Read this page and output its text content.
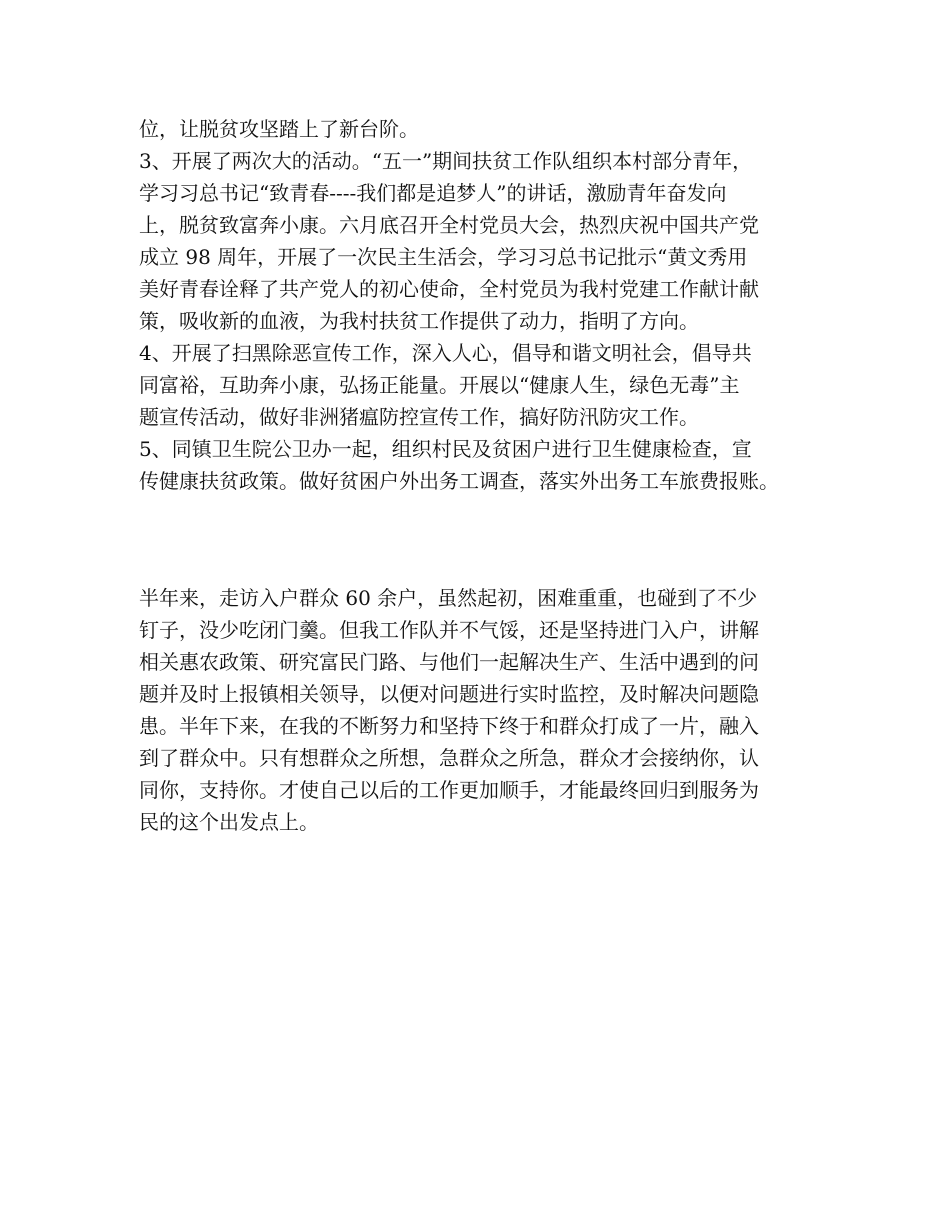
位，让脱贫攻坚踏上了新台阶。
3、开展了两次大的活动。“五一”期间扶贫工作队组织本村部分青年，
学习习总书记“致青春----我们都是追梦人”的讲话，激励青年奋发向
上，脱贫致富奔小康。六月底召开全村党员大会，热烈庆祝中国共产党
成立 98 周年，开展了一次民主生活会，学习习总书记批示“黄文秀用
美好青春诠释了共产党人的初心使命，全村党员为我村党建工作献计献
策，吸收新的血液，为我村扶贫工作提供了动力，指明了方向。
4、开展了扫黑除恶宣传工作，深入人心，倡导和谐文明社会，倡导共
同富裕，互助奔小康，弘扬正能量。开展以“健康人生，绿色无毒”主
题宣传活动，做好非洲猪瘟防控宣传工作，搞好防汛防灾工作。
5、同镇卫生院公卫办一起，组织村民及贫困户进行卫生健康检查，宣
传健康扶贫政策。做好贫困户外出务工调查，落实外出务工车旅费报账。
半年来，走访入户群众 60 余户，虽然起初，困难重重，也碰到了不少
钉子，没少吃闭门羹。但我工作队并不气馁，还是坚持进门入户，讲解
相关惠农政策、研究富民门路、与他们一起解决生产、生活中遇到的问
题并及时上报镇相关领导，以便对问题进行实时监控，及时解决问题隐
患。半年下来，在我的不断努力和坚持下终于和群众打成了一片，融入
到了群众中。只有想群众之所想，急群众之所急，群众才会接纳你，认
同你，支持你。才使自己以后的工作更加顺手，才能最终回归到服务为
民的这个出发点上。
